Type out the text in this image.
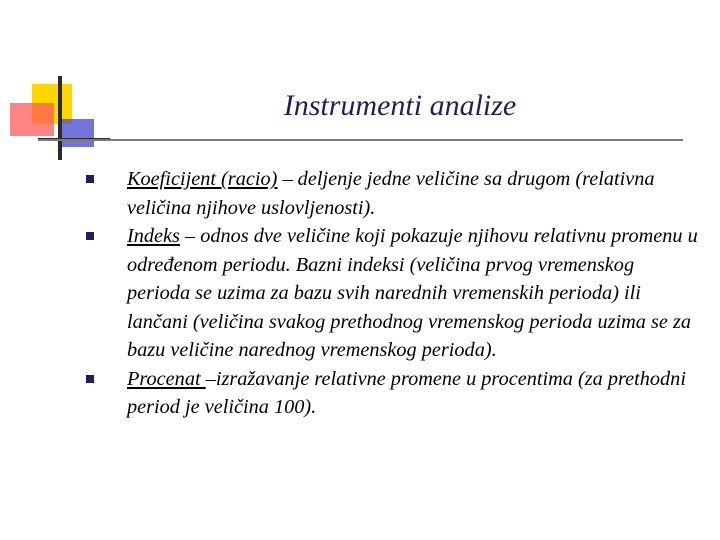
Instrumenti analize
Koeficijent (racio) – deljenje jedne veličine sa drugom (relativna veličina njihove uslovljenosti).
Indeks – odnos dve veličine koji pokazuje njihovu relativnu promenu u određenom periodu. Bazni indeksi (veličina prvog vremenskog perioda se uzima za bazu svih narednih vremenskih perioda) ili lančani (veličina svakog prethodnog vremenskog perioda uzima se za bazu veličine narednog vremenskog perioda).
Procenat –izražavanje relativne promene u procentima (za prethodni period je veličina 100).
